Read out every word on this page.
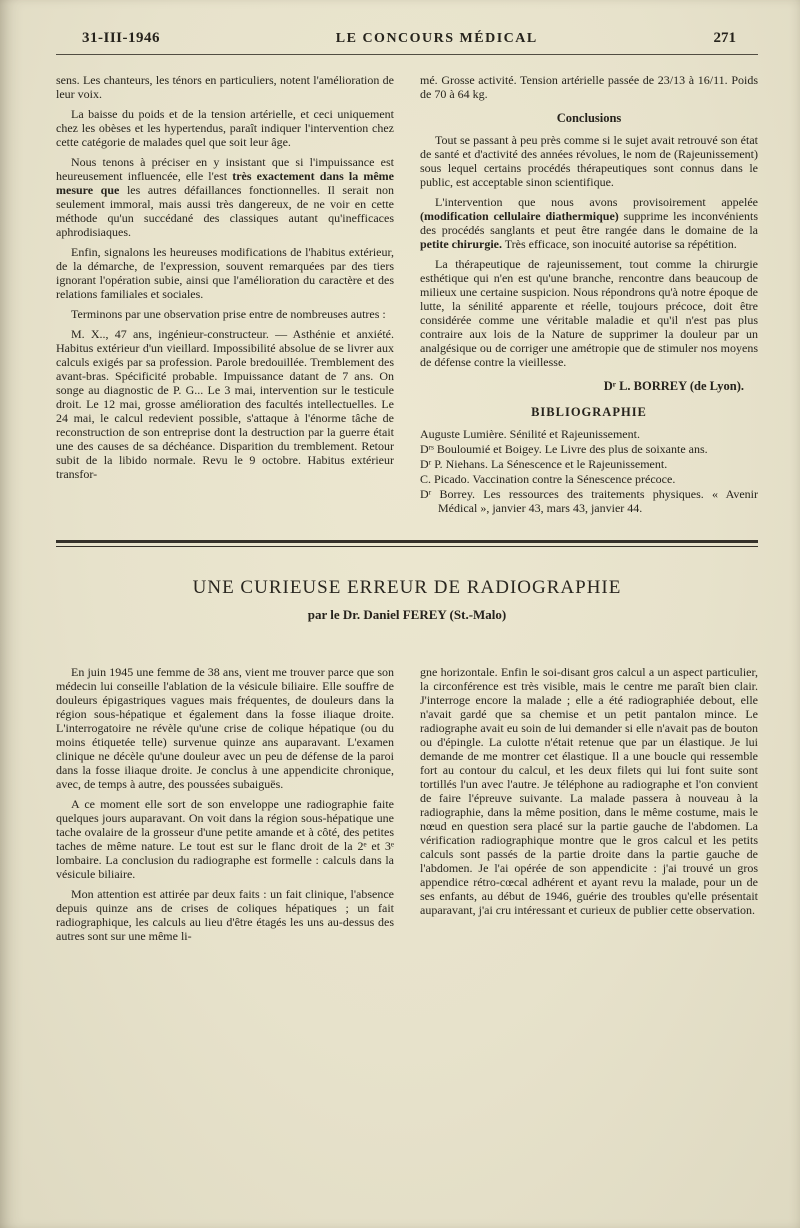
31-III-1946	LE CONCOURS MÉDICAL	271

sens. Les chanteurs, les ténors en particuliers, notent l'amélioration de leur voix.

La baisse du poids et de la tension artérielle, et ceci uniquement chez les obèses et les hypertendus, paraît indiquer l'intervention chez cette catégorie de malades quel que soit leur âge.

Nous tenons à préciser en y insistant que si l'impuissance est heureusement influencée, elle l'est très exactement dans la même mesure que les autres défaillances fonctionnelles. Il serait non seulement immoral, mais aussi très dangereux, de ne voir en cette méthode qu'un succédané des classiques autant qu'inefficaces aphrodisiaques.

Enfin, signalons les heureuses modifications de l'habitus extérieur, de la démarche, de l'expression, souvent remarquées par des tiers ignorant l'opération subie, ainsi que l'amélioration du caractère et des relations familiales et sociales.

Terminons par une observation prise entre de nombreuses autres :

M. X.., 47 ans, ingénieur-constructeur. — Asthénie et anxiété. Habitus extérieur d'un vieillard. Impossibilité absolue de se livrer aux calculs exigés par sa profession. Parole bredouillée. Tremblement des avant-bras. Spécificité probable. Impuissance datant de 7 ans. On songe au diagnostic de P. G... Le 3 mai, intervention sur le testicule droit. Le 12 mai, grosse amélioration des facultés intellectuelles. Le 24 mai, le calcul redevient possible, s'attaque à l'énorme tâche de reconstruction de son entreprise dont la destruction par la guerre était une des causes de sa déchéance. Disparition du tremblement. Retour subit de la libido normale. Revu le 9 octobre. Habitus extérieur transfor-

mé. Grosse activité. Tension artérielle passée de 23/13 à 16/11. Poids de 70 à 64 kg.

Conclusions

Tout se passant à peu près comme si le sujet avait retrouvé son état de santé et d'activité des années révolues, le nom de (Rajeunissement) sous lequel certains procédés thérapeutiques sont connus dans le public, est acceptable sinon scientifique.

L'intervention que nous avons provisoirement appelée (modification cellulaire diathermique) supprime les inconvénients des procédés sanglants et peut être rangée dans le domaine de la petite chirurgie. Très efficace, son inocuité autorise sa répétition.

La thérapeutique de rajeunissement, tout comme la chirurgie esthétique qui n'en est qu'une branche, rencontre dans beaucoup de milieux une certaine suspicion. Nous répondrons qu'à notre époque de lutte, la sénilité apparente et réelle, toujours précoce, doit être considérée comme une véritable maladie et qu'il n'est pas plus contraire aux lois de la Nature de supprimer la douleur par un analgésique ou de corriger une amétropie que de stimuler nos moyens de défense contre la vieillesse.

Dʳ L. BORREY (de Lyon).
BIBLIOGRAPHIE

Auguste Lumière. Sénilité et Rajeunissement.

Dʳˢ Bouloumié et Boigey. Le Livre des plus de soixante ans.

Dʳ P. Niehans. La Sénescence et le Rajeunissement.

C. Picado. Vaccination contre la Sénescence précoce.

Dʳ Borrey. Les ressources des traitements physiques. « Avenir Médical », janvier 43, mars 43, janvier 44.

UNE CURIEUSE ERREUR DE RADIOGRAPHIE
par le Dr. Daniel FEREY (St.-Malo)

En juin 1945 une femme de 38 ans, vient me trouver parce que son médecin lui conseille l'ablation de la vésicule biliaire. Elle souffre de douleurs épigastriques vagues mais fréquentes, de douleurs dans la région sous-hépatique et également dans la fosse iliaque droite. L'interrogatoire ne révèle qu'une crise de colique hépatique (ou du moins étiquetée telle) survenue quinze ans auparavant. L'examen clinique ne décèle qu'une douleur avec un peu de défense de la paroi dans la fosse iliaque droite. Je conclus à une appendicite chronique, avec, de temps à autre, des poussées subaiguës.

A ce moment elle sort de son enveloppe une radiographie faite quelques jours auparavant. On voit dans la région sous-hépatique une tache ovalaire de la grosseur d'une petite amande et à côté, des petites taches de même nature. Le tout est sur le flanc droit de la 2ᵉ et 3ᵉ lombaire. La conclusion du radiographe est formelle : calculs dans la vésicule biliaire.

Mon attention est attirée par deux faits : un fait clinique, l'absence depuis quinze ans de crises de coliques hépatiques ; un fait radiographique, les calculs au lieu d'être étagés les uns au-dessus des autres sont sur une même li-

gne horizontale. Enfin le soi-disant gros calcul a un aspect particulier, la circonférence est très visible, mais le centre me paraît bien clair. J'interroge encore la malade ; elle a été radiographiée debout, elle n'avait gardé que sa chemise et un petit pantalon mince. Le radiographe avait eu soin de lui demander si elle n'avait pas de bouton ou d'épingle. La culotte n'était retenue que par un élastique. Je lui demande de me montrer cet élastique. Il a une boucle qui ressemble fort au contour du calcul, et les deux filets qui lui font suite sont tortillés l'un avec l'autre. Je téléphone au radiographe et l'on convient de faire l'épreuve suivante. La malade passera à nouveau à la radiographie, dans la même position, dans le même costume, mais le nœud en question sera placé sur la partie gauche de l'abdomen. La vérification radiographique montre que le gros calcul et les petits calculs sont passés de la partie droite dans la partie gauche de l'abdomen. Je l'ai opérée de son appendicite : j'ai trouvé un gros appendice rétro-cœcal adhérent et ayant revu la malade, pour un de ses enfants, au début de 1946, guérie des troubles qu'elle présentait auparavant, j'ai cru intéressant et curieux de publier cette observation.
